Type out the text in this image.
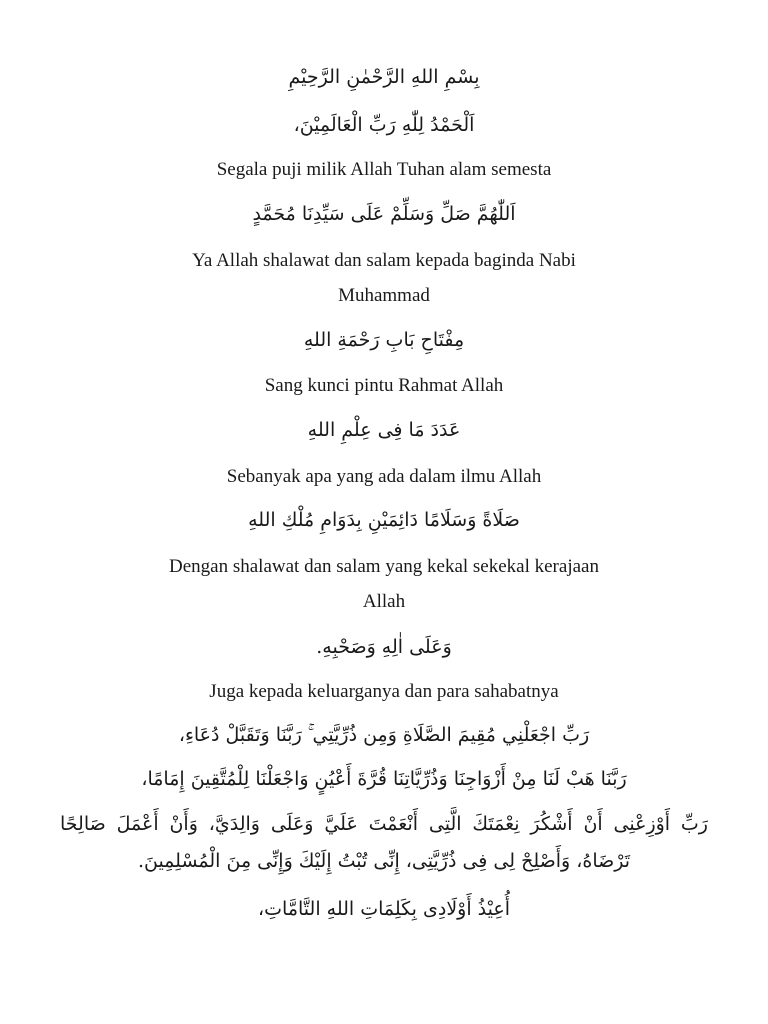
بِسْمِ اللهِ الرَّحْمٰنِ الرَّحِيْمِ
اَلْحَمْدُ لِلّٰهِ رَبِّ الْعَالَمِيْنَ،
Segala puji milik Allah Tuhan alam semesta
اَللّٰهُمَّ صَلِّ وَسَلِّمْ عَلَى سَيِّدِنَا مُحَمَّدٍ
Ya Allah shalawat dan salam kepada baginda Nabi
Muhammad
مِفْتَاحِ بَابِ رَحْمَةِ اللهِ
Sang kunci pintu Rahmat Allah
عَدَدَ مَا فِى عِلْمِ اللهِ
Sebanyak apa yang ada dalam ilmu Allah
صَلَاةً وَسَلَامًا دَائِمَيْنِ بِدَوَامِ مُلْكِ اللهِ
Dengan shalawat dan salam yang kekal sekekal kerajaan
Allah
وَعَلَى اٰلِهِ وَصَحْبِهِ.
Juga kepada keluarganya dan para sahabatnya
رَبِّ اجْعَلْنِي مُقِيمَ الصَّلَاةِ وَمِن ذُرِّيَّتِي ۚ رَبَّنَا وَتَقَبَّلْ دُعَاءِ،
رَبَّنَا هَبْ لَنَا مِنْ أَزْوَاجِنَا وَذُرِّيَّاتِنَا قُرَّةَ أَعْيُنٍ وَاجْعَلْنَا لِلْمُتَّقِينَ إِمَامًا،
رَبِّ أَوْزِعْنِى أَنْ أَشْكُرَ نِعْمَتَكَ الَّتِى أَنْعَمْتَ عَلَيَّ وَعَلَى وَالِدَيَّ، وَأَنْ أَعْمَلَ صَالِحًا
تَرْضَاهُ، وَأَصْلِحْ لِى فِى ذُرِّيَّتِى، إِنِّى تُبْتُ إِلَيْكَ وَإِنِّى مِنَ الْمُسْلِمِينَ.
أُعِيْذُ أَوْلَادِى بِكَلِمَاتِ اللهِ التَّامَّاتِ،
